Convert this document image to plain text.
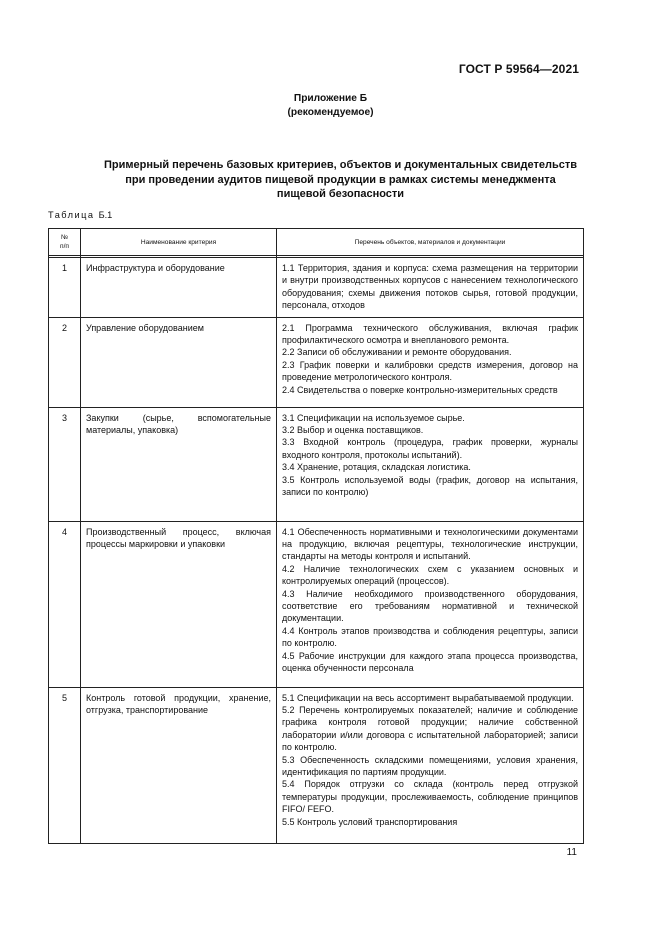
ГОСТ Р 59564—2021
Приложение Б
(рекомендуемое)
Примерный перечень базовых критериев, объектов и документальных свидетельств
при проведении аудитов пищевой продукции в рамках системы менеджмента
пищевой безопасности
Таблица Б.1
№
п/п	Наименование критерия	Перечень объектов, материалов и документации

1	Инфраструктура и оборудование	1.1 Территория, здания и корпуса: схема размещения на территории и внутри производственных корпусов с нанесением технологического оборудования; схемы движения потоков сырья, готовой продукции, персонала, отходов

2	Управление оборудованием	2.1 Программа технического обслуживания, включая график профилактического осмотра и внепланового ремонта.
2.2 Записи об обслуживании и ремонте оборудования.
2.3 График поверки и калибровки средств измерения, договор на проведение метрологического контроля.
2.4 Свидетельства о поверке контрольно-измерительных средств

3	Закупки (сырье, вспомогательные материалы, упаковка)	3.1 Спецификации на используемое сырье.
3.2 Выбор и оценка поставщиков.
3.3 Входной контроль (процедура, график проверки, журналы входного контроля, протоколы испытаний).
3.4 Хранение, ротация, складская логистика.
3.5 Контроль используемой воды (график, договор на испытания, записи по контролю)

4	Производственный процесс, включая процессы маркировки и упаковки	4.1 Обеспеченность нормативными и технологическими документами на продукцию, включая рецептуры, технологические инструкции, стандарты на методы контроля и испытаний.
4.2 Наличие технологических схем с указанием основных и контролируемых операций (процессов).
4.3 Наличие необходимого производственного оборудования, соответствие его требованиям нормативной и технической документации.
4.4 Контроль этапов производства и соблюдения рецептуры, записи по контролю.
4.5 Рабочие инструкции для каждого этапа процесса производства, оценка обученности персонала

5	Контроль готовой продукции, хранение, отгрузка, транспортирование	5.1 Спецификации на весь ассортимент вырабатываемой продукции.
5.2 Перечень контролируемых показателей; наличие и соблюдение графика контроля готовой продукции; наличие собственной лаборатории и/или договора с испытательной лабораторией; записи по контролю.
5.3 Обеспеченность складскими помещениями, условия хранения, идентификация по партиям продукции.
5.4 Порядок отгрузки со склада (контроль перед отгрузкой температуры продукции, прослеживаемость, соблюдение принципов FIFO/ FEFO.
5.5 Контроль условий транспортирования
11
